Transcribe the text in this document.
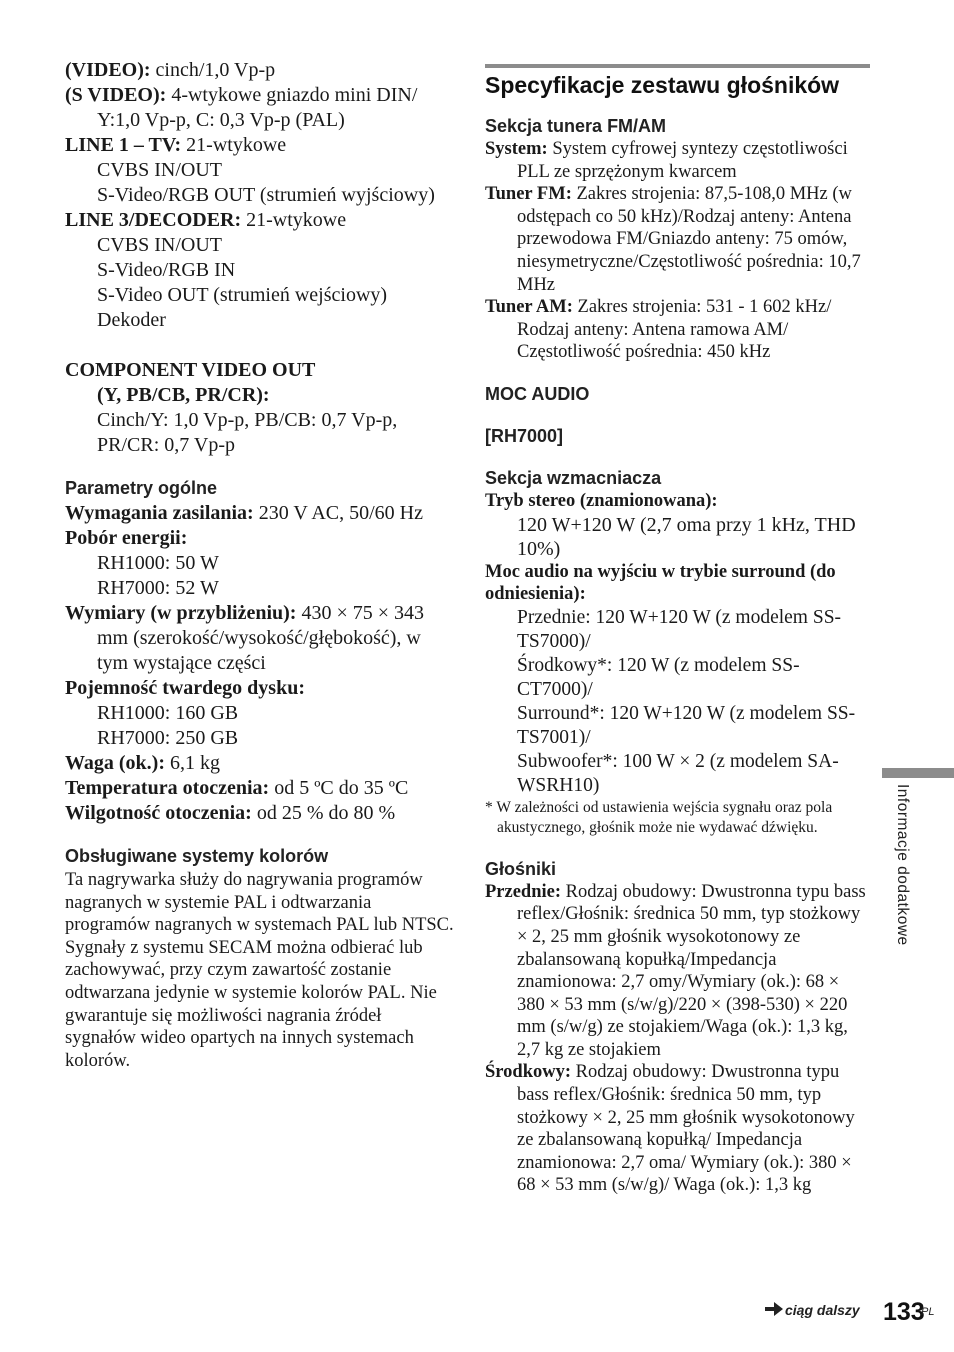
(VIDEO): cinch/1,0 Vp-p

(S VIDEO): 4-wtykowe gniazdo mini DIN/ Y:1,0 Vp-p, C: 0,3 Vp-p (PAL)

LINE 1 – TV: 21-wtykowe

CVBS IN/OUT

S-Video/RGB OUT (strumień wyjściowy)

LINE 3/DECODER: 21-wtykowe

CVBS IN/OUT

S-Video/RGB IN

S-Video OUT (strumień wejściowy)

Dekoder

COMPONENT VIDEO OUT

(Y, PB/CB, PR/CR):

Cinch/Y: 1,0 Vp-p, PB/CB: 0,7 Vp-p, PR/CR: 0,7 Vp-p

Parametry ogólne

Wymagania zasilania: 230 V AC, 50/60 Hz

Pobór energii:

RH1000: 50 W

RH7000: 52 W

Wymiary (w przybliżeniu): 430 × 75 × 343 mm (szerokość/wysokość/głębokość), w tym wystające części

Pojemność twardego dysku:

RH1000: 160 GB

RH7000: 250 GB

Waga (ok.): 6,1 kg

Temperatura otoczenia: od 5 ºC do 35 ºC

Wilgotność otoczenia: od 25 % do 80 %

Obsługiwane systemy kolorów

Ta nagrywarka służy do nagrywania programów nagranych w systemie PAL i odtwarzania programów nagranych w systemach PAL lub NTSC.

Sygnały z systemu SECAM można odbierać lub zachowywać, przy czym zawartość zostanie odtwarzana jedynie w systemie kolorów PAL. Nie gwarantuje się możliwości nagrania źródeł sygnałów wideo opartych na innych systemach kolorów.

Specyfikacje zestawu głośników
Sekcja tunera FM/AM

System: System cyfrowej syntezy częstotliwości PLL ze sprzężonym kwarcem

Tuner FM: Zakres strojenia: 87,5-108,0 MHz (w odstępach co 50 kHz)/Rodzaj anteny: Antena przewodowa FM/Gniazdo anteny: 75 omów, niesymetryczne/Częstotliwość pośrednia: 10,7 MHz

Tuner AM: Zakres strojenia: 531 - 1 602 kHz/ Rodzaj anteny: Antena ramowa AM/ Częstotliwość pośrednia: 450 kHz

MOC AUDIO
[RH7000]
Sekcja wzmacniacza

Tryb stereo (znamionowana):

120 W+120 W (2,7 oma przy 1 kHz, THD 10%)

Moc audio na wyjściu w trybie surround (do odniesienia):

Przednie: 120 W+120 W (z modelem SS-TS7000)/

Środkowy*: 120 W (z modelem SS-CT7000)/

Surround*: 120 W+120 W (z modelem SS-TS7001)/

Subwoofer*: 100 W × 2 (z modelem SA-WSRH10)

* W zależności od ustawienia wejścia sygnału oraz pola akustycznego, głośnik może nie wydawać dźwięku.

Głośniki

Przednie: Rodzaj obudowy: Dwustronna typu bass reflex/Głośnik: średnica 50 mm, typ stożkowy × 2, 25 mm głośnik wysokotonowy ze zbalansowaną kopułką/Impedancja znamionowa: 2,7 omy/Wymiary (ok.): 68 × 380 × 53 mm (s/w/g)/220 × (398-530) × 220 mm (s/w/g) ze stojakiem/Waga (ok.): 1,3 kg, 2,7 kg ze stojakiem

Środkowy: Rodzaj obudowy: Dwustronna typu bass reflex/Głośnik: średnica 50 mm, typ stożkowy × 2, 25 mm głośnik wysokotonowy ze zbalansowaną kopułką/ Impedancja znamionowa: 2,7 oma/ Wymiary (ok.): 380 × 68 × 53 mm (s/w/g)/ Waga (ok.): 1,3 kg

Informacje dodatkowe
ciąg dalszy 133
PL
